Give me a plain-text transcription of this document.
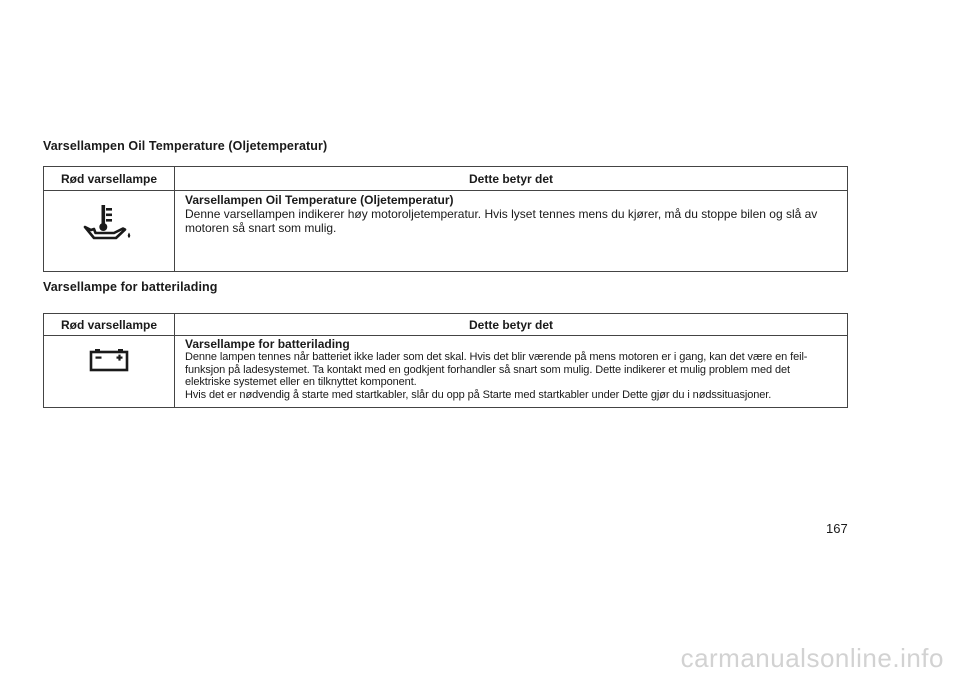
Varsellampen Oil Temperature (Oljetemperatur)
Rød varsellampe	Dette betyr det

Varsellampen Oil Temperature (Oljetemperatur)
Denne varsellampen indikerer høy motoroljetemperatur. Hvis lyset tennes mens du kjører, må du stoppe bilen og slå av motoren så snart som mulig.
Varsellampe for batterilading
Rød varsellampe	Dette betyr det

Varsellampe for batterilading
Denne lampen tennes når batteriet ikke lader som det skal. Hvis det blir værende på mens motoren er i gang, kan det være en feil-
funksjon på ladesystemet. Ta kontakt med en godkjent forhandler så snart som mulig. Dette indikerer et mulig problem med det
elektriske systemet eller en tilknyttet komponent.
Hvis det er nødvendig å starte med startkabler, slår du opp på Starte med startkabler under Dette gjør du i nødssituasjoner.
167
carmanualsonline.info
